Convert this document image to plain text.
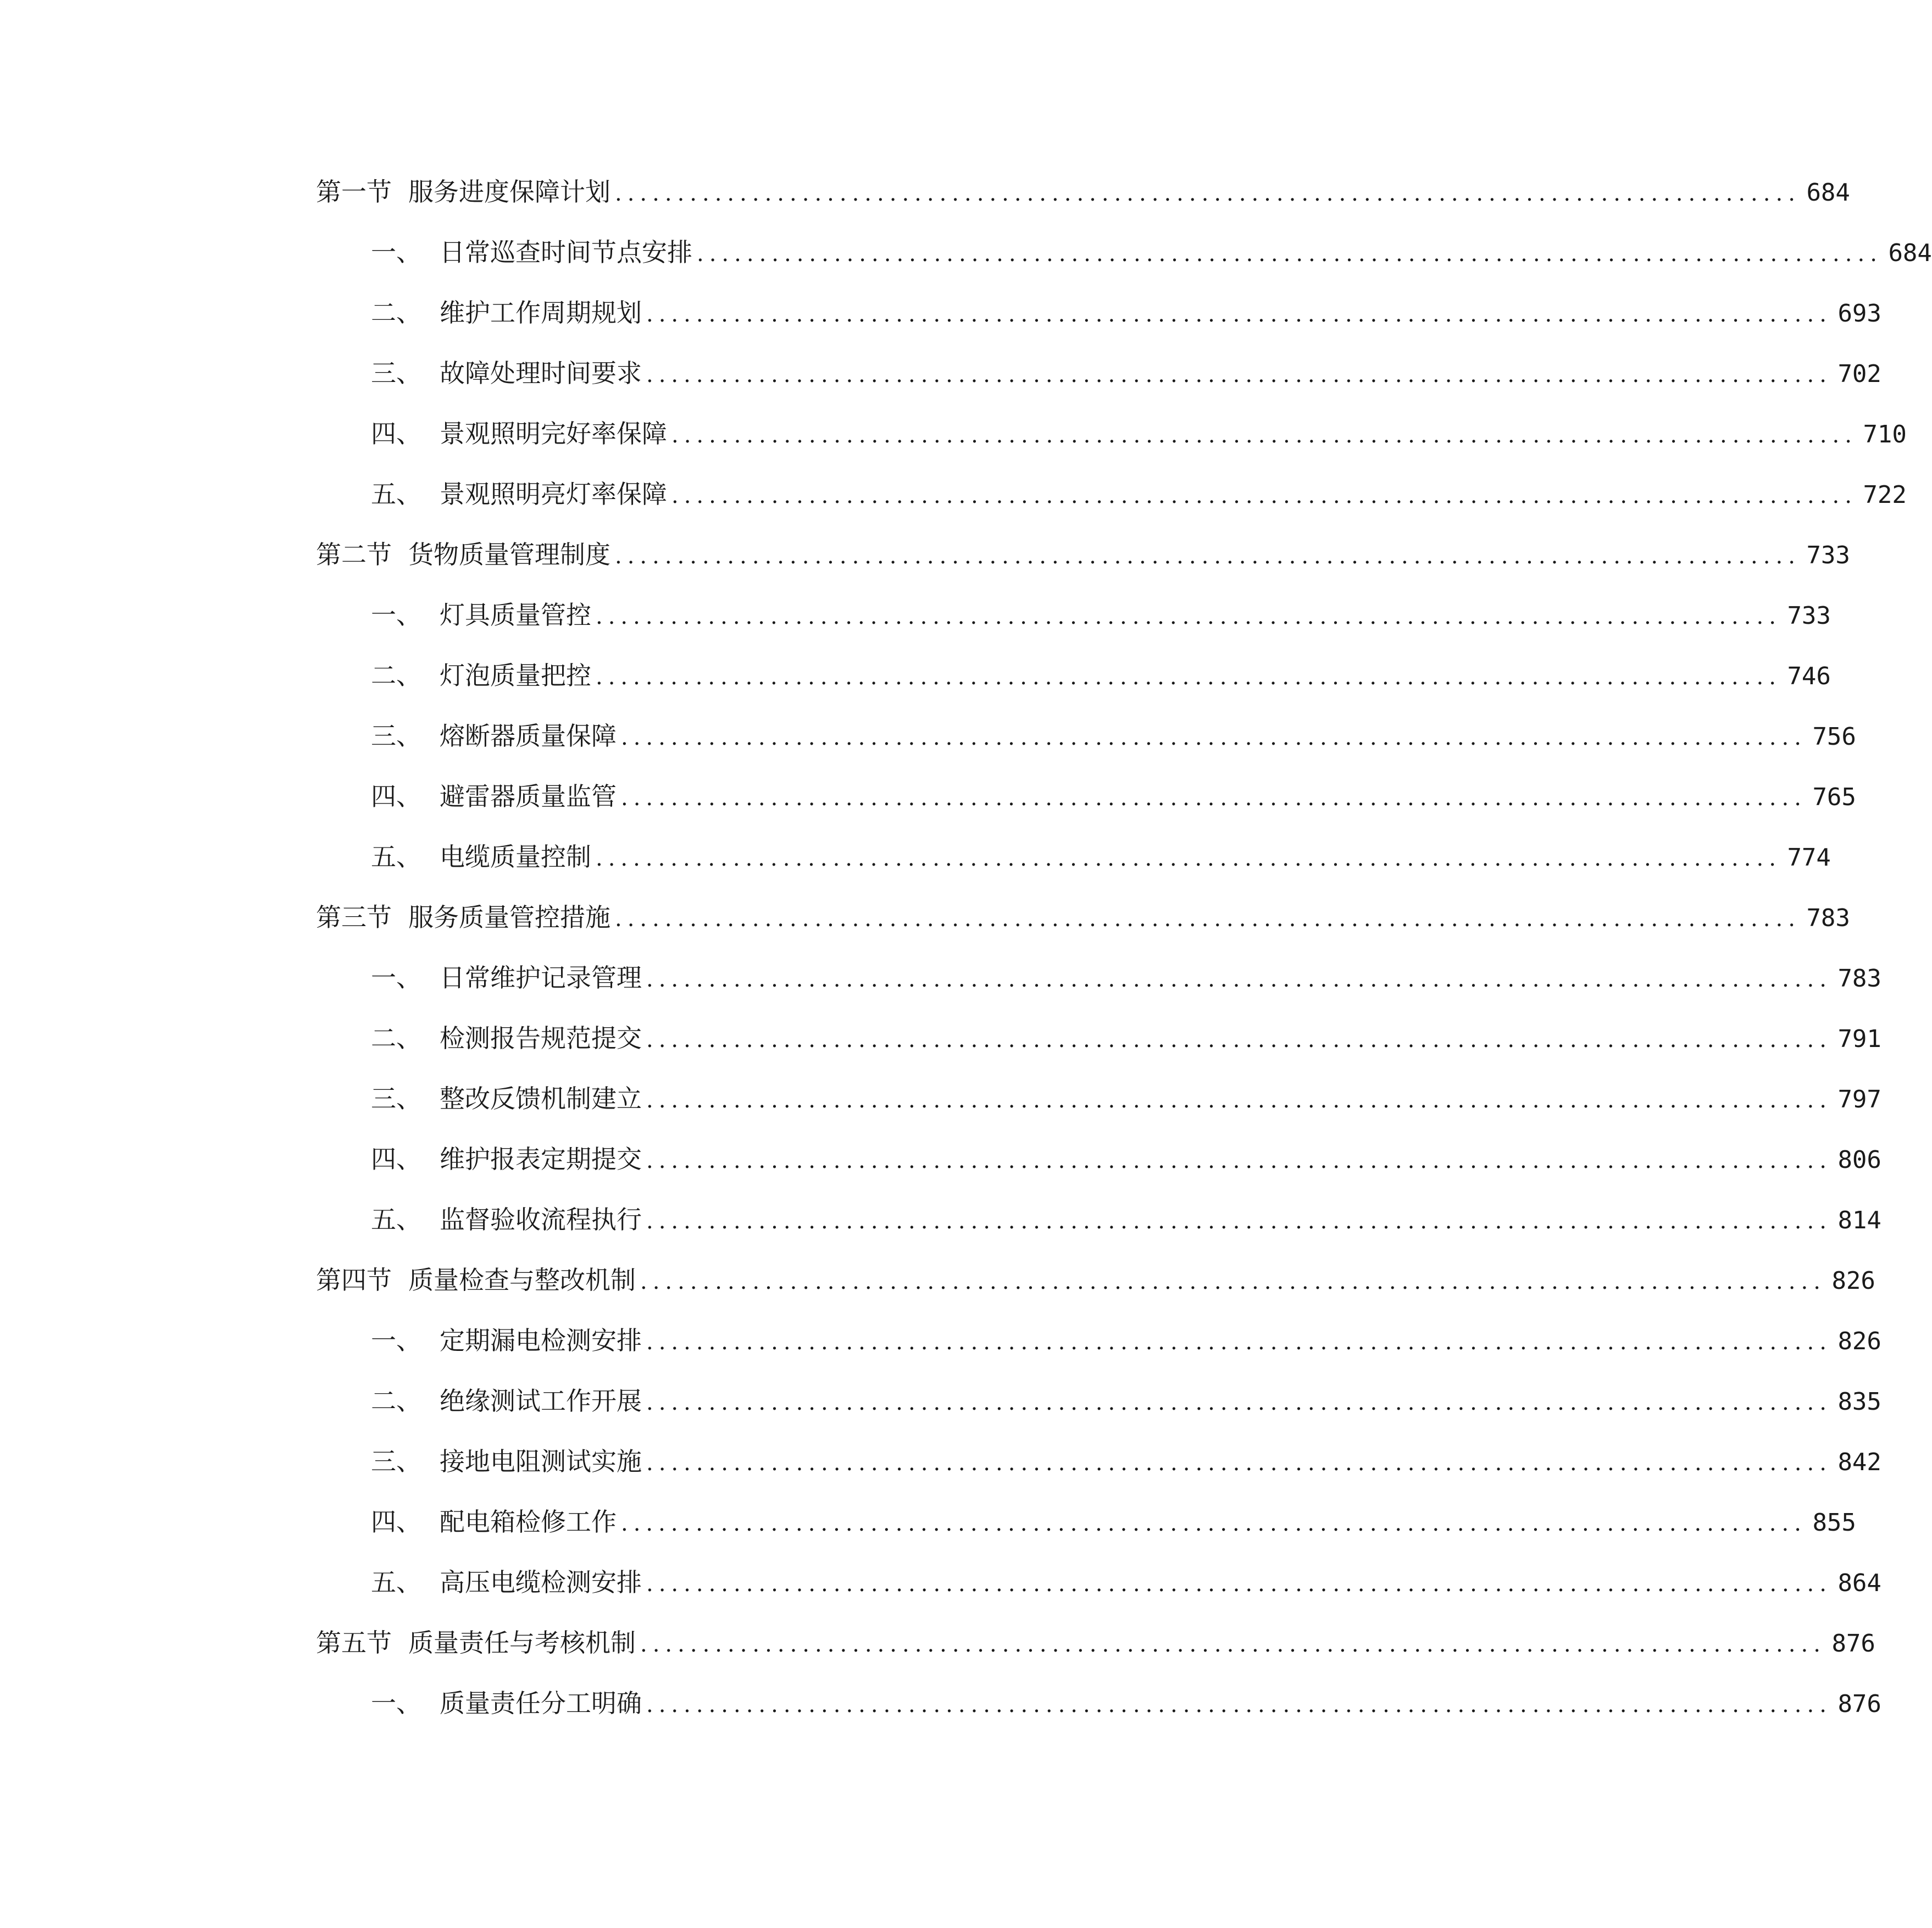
第一节 服务进度保障计划 ............................................................................................... 684
一、 日常巡查时间节点安排 ............................................................................................... 684
二、 维护工作周期规划 ............................................................................................... 693
三、 故障处理时间要求 ............................................................................................... 702
四、 景观照明完好率保障 ............................................................................................... 710
五、 景观照明亮灯率保障 ............................................................................................... 722
第二节 货物质量管理制度 ............................................................................................... 733
一、 灯具质量管控 ............................................................................................... 733
二、 灯泡质量把控 ............................................................................................... 746
三、 熔断器质量保障 ............................................................................................... 756
四、 避雷器质量监管 ............................................................................................... 765
五、 电缆质量控制 ............................................................................................... 774
第三节 服务质量管控措施 ............................................................................................... 783
一、 日常维护记录管理 ............................................................................................... 783
二、 检测报告规范提交 ............................................................................................... 791
三、 整改反馈机制建立 ............................................................................................... 797
四、 维护报表定期提交 ............................................................................................... 806
五、 监督验收流程执行 ............................................................................................... 814
第四节 质量检查与整改机制 ............................................................................................... 826
一、 定期漏电检测安排 ............................................................................................... 826
二、 绝缘测试工作开展 ............................................................................................... 835
三、 接地电阻测试实施 ............................................................................................... 842
四、 配电箱检修工作 ............................................................................................... 855
五、 高压电缆检测安排 ............................................................................................... 864
第五节 质量责任与考核机制 ............................................................................................... 876
一、 质量责任分工明确 ............................................................................................... 876
